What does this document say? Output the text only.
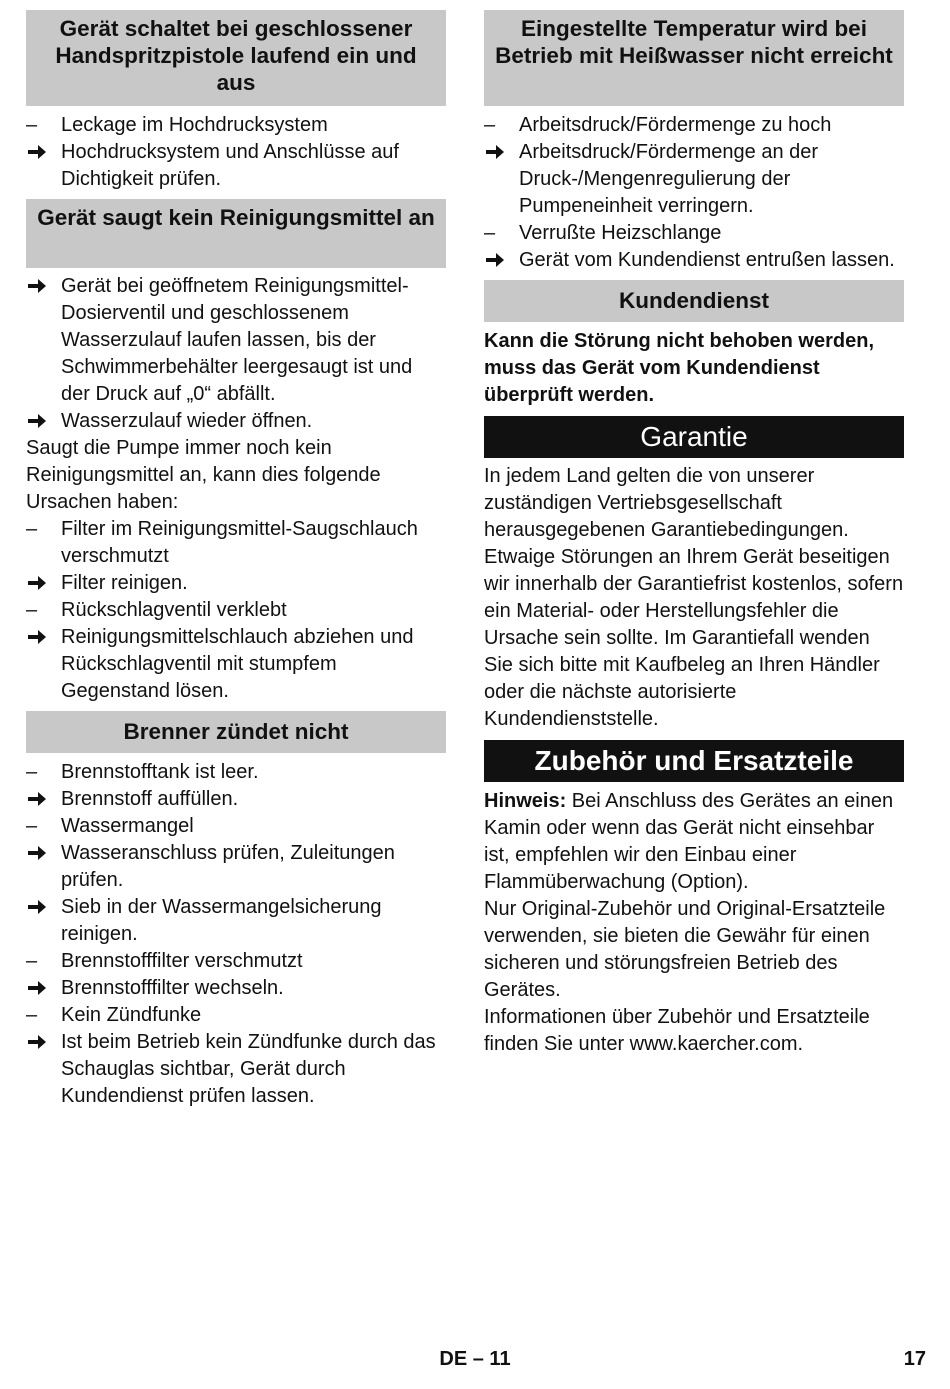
Gerät schaltet bei geschlossener Handspritzpistole laufend ein und aus
–	Leckage im Hochdrucksystem
Hochdrucksystem und Anschlüsse auf Dichtigkeit prüfen.
Gerät saugt kein Reinigungsmittel an
Gerät bei geöffnetem Reinigungsmittel-Dosierventil und geschlossenem Wasserzulauf laufen lassen, bis der Schwimmerbehälter leergesaugt ist und der Druck auf „0“ abfällt.
Wasserzulauf wieder öffnen.
Saugt die Pumpe immer noch kein Reinigungsmittel an, kann dies folgende Ursachen haben:
–	Filter im Reinigungsmittel-Saugschlauch verschmutzt
Filter reinigen.
–	Rückschlagventil verklebt
Reinigungsmittelschlauch abziehen und Rückschlagventil mit stumpfem Gegenstand lösen.
Brenner zündet nicht
–	Brennstofftank ist leer.
Brennstoff auffüllen.
–	Wassermangel
Wasseranschluss prüfen, Zuleitungen prüfen.
Sieb in der Wassermangelsicherung reinigen.
–	Brennstofffilter verschmutzt
Brennstofffilter wechseln.
–	Kein Zündfunke
Ist beim Betrieb kein Zündfunke durch das Schauglas sichtbar, Gerät durch Kundendienst prüfen lassen.
Eingestellte Temperatur wird bei Betrieb mit Heißwasser nicht erreicht
–	Arbeitsdruck/Fördermenge zu hoch
Arbeitsdruck/Fördermenge an der Druck-/Mengenregulierung der Pumpeneinheit verringern.
–	Verrußte Heizschlange
Gerät vom Kundendienst entrußen lassen.
Kundendienst
Kann die Störung nicht behoben werden, muss das Gerät vom Kundendienst überprüft werden.
Garantie
In jedem Land gelten die von unserer zuständigen Vertriebsgesellschaft herausgegebenen Garantiebedingungen. Etwaige Störungen an Ihrem Gerät beseitigen wir innerhalb der Garantiefrist kostenlos, sofern ein Material- oder Herstellungsfehler die Ursache sein sollte. Im Garantiefall wenden Sie sich bitte mit Kaufbeleg an Ihren Händler oder die nächste autorisierte Kundendienststelle.
Zubehör und Ersatzteile
Hinweis: Bei Anschluss des Gerätes an einen Kamin oder wenn das Gerät nicht einsehbar ist, empfehlen wir den Einbau einer Flammüberwachung (Option).
Nur Original-Zubehör und Original-Ersatzteile verwenden, sie bieten die Gewähr für einen sicheren und störungsfreien Betrieb des Gerätes.
Informationen über Zubehör und Ersatzteile finden Sie unter www.kaercher.com.
DE – 11	17
